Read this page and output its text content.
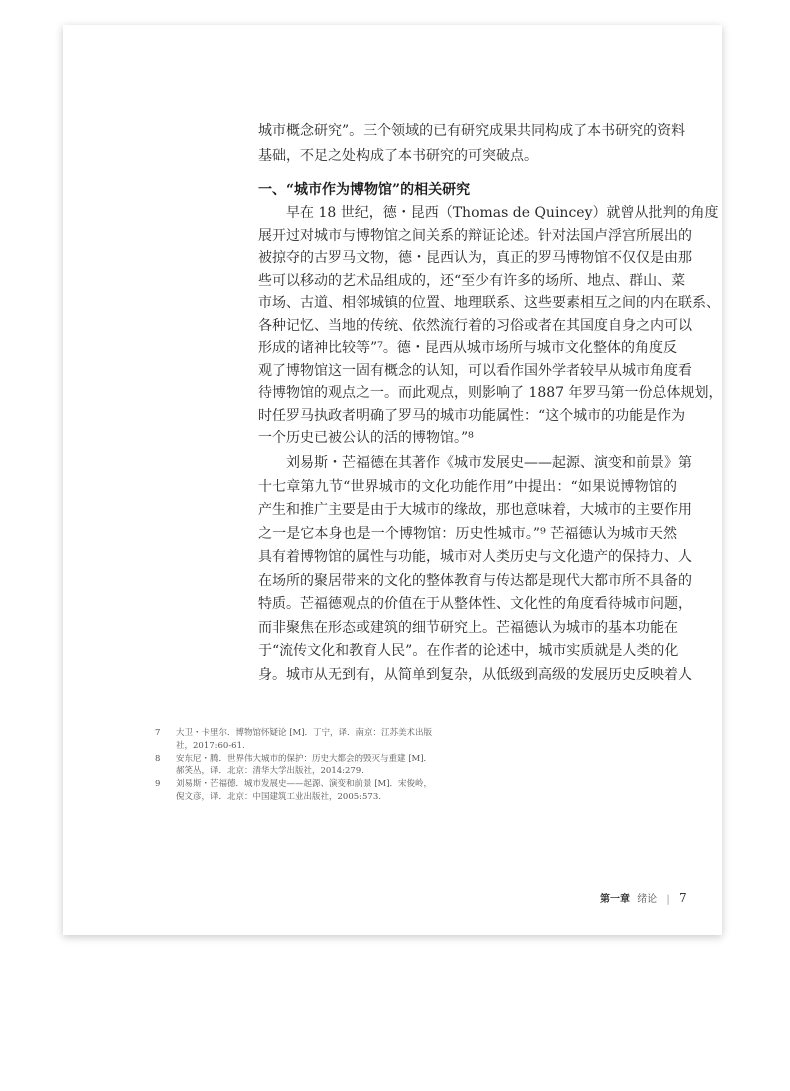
城市概念研究”。三个领域的已有研究成果共同构成了本书研究的资料
基础，不足之处构成了本书研究的可突破点。
一、“城市作为博物馆”的相关研究
　　早在 18 世纪，德・昆西（Thomas de Quincey）就曾从批判的角度
展开过对城市与博物馆之间关系的辩证论述。针对法国卢浮宫所展出的
被掠夺的古罗马文物，德・昆西认为，真正的罗马博物馆不仅仅是由那
些可以移动的艺术品组成的，还“至少有许多的场所、地点、群山、菜
市场、古道、相邻城镇的位置、地理联系、这些要素相互之间的内在联系、
各种记忆、当地的传统、依然流行着的习俗或者在其国度自身之内可以
形成的诸神比较等”⁷。德・昆西从城市场所与城市文化整体的角度反
观了博物馆这一固有概念的认知，可以看作国外学者较早从城市角度看
待博物馆的观点之一。而此观点，则影响了 1887 年罗马第一份总体规划，
时任罗马执政者明确了罗马的城市功能属性：“这个城市的功能是作为
一个历史已被公认的活的博物馆。”⁸
　　刘易斯・芒福德在其著作《城市发展史——起源、演变和前景》第
十七章第九节“世界城市的文化功能作用”中提出：“如果说博物馆的
产生和推广主要是由于大城市的缘故，那也意味着，大城市的主要作用
之一是它本身也是一个博物馆：历史性城市。”⁹ 芒福德认为城市天然
具有着博物馆的属性与功能，城市对人类历史与文化遗产的保持力、人
在场所的聚居带来的文化的整体教育与传达都是现代大都市所不具备的
特质。芒福德观点的价值在于从整体性、文化性的角度看待城市问题，
而非聚焦在形态或建筑的细节研究上。芒福德认为城市的基本功能在
于“流传文化和教育人民”。在作者的论述中，城市实质就是人类的化
身。城市从无到有，从简单到复杂，从低级到高级的发展历史反映着人
7 大卫・卡里尔．博物馆怀疑论 [M]．丁宁，译．南京：江苏美术出版
社，2017:60-61.
8 安东尼・腾．世界伟大城市的保护：历史大都会的毁灭与重建 [M]．
郝笑丛，译．北京：清华大学出版社，2014:279.
9 刘易斯・芒福德．城市发展史——起源、演变和前景 [M]．宋俊岭，
倪文彦，译．北京：中国建筑工业出版社，2005:573.
第一章 绪论 | 7
